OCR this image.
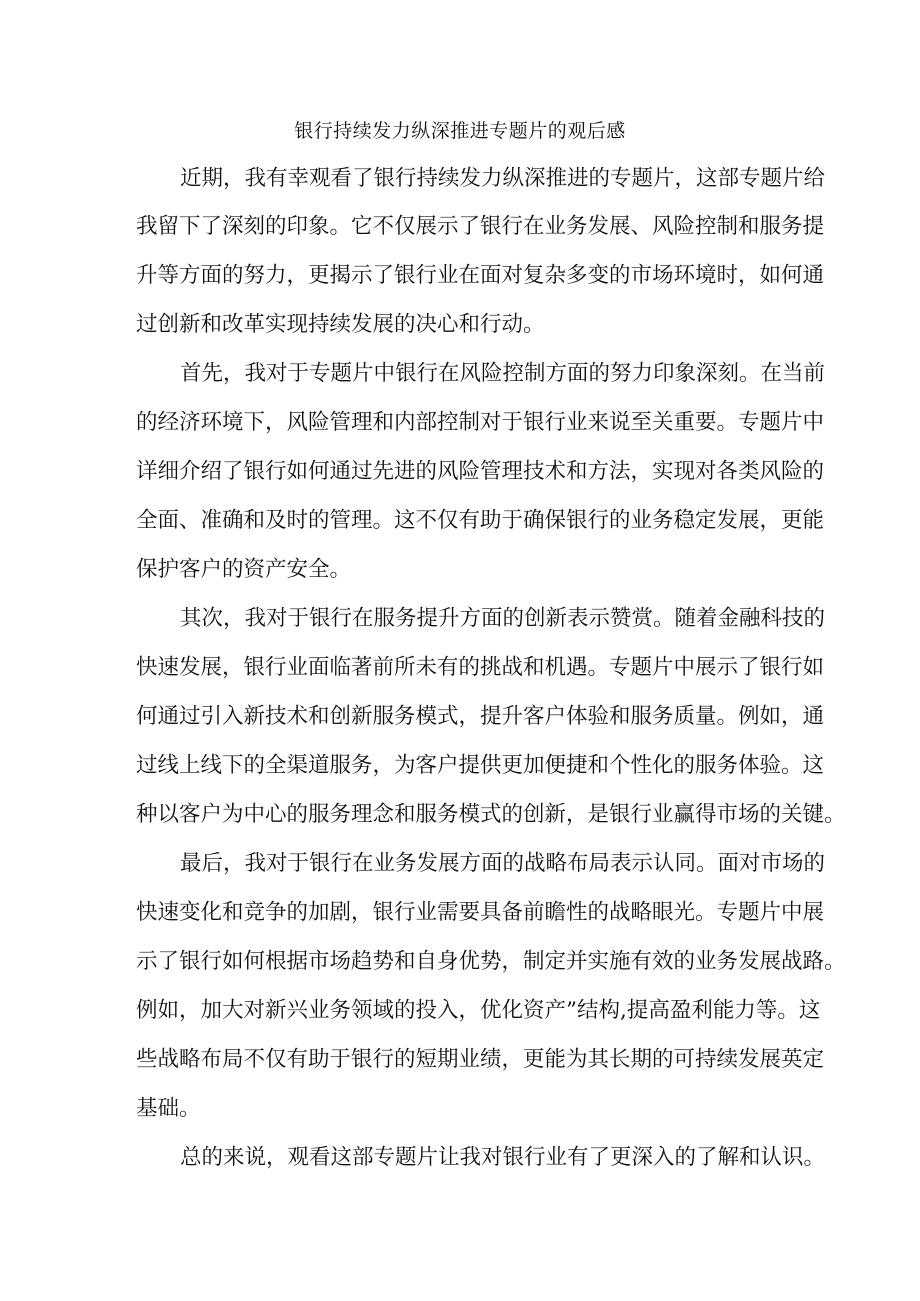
银行持续发力纵深推进专题片的观后感
近期，我有幸观看了银行持续发力纵深推进的专题片，这部专题片给
我留下了深刻的印象。它不仅展示了银行在业务发展、风险控制和服务提
升等方面的努力，更揭示了银行业在面对复杂多变的市场环境时，如何通
过创新和改革实现持续发展的决心和行动。
首先，我对于专题片中银行在风险控制方面的努力印象深刻。在当前
的经济环境下，风险管理和内部控制对于银行业来说至关重要。专题片中
详细介绍了银行如何通过先进的风险管理技术和方法，实现对各类风险的
全面、准确和及时的管理。这不仅有助于确保银行的业务稳定发展，更能
保护客户的资产安全。
其次，我对于银行在服务提升方面的创新表示赞赏。随着金融科技的
快速发展，银行业面临著前所未有的挑战和机遇。专题片中展示了银行如
何通过引入新技术和创新服务模式，提升客户体验和服务质量。例如，通
过线上线下的全渠道服务，为客户提供更加便捷和个性化的服务体验。这
种以客户为中心的服务理念和服务模式的创新，是银行业赢得市场的关键。
最后，我对于银行在业务发展方面的战略布局表示认同。面对市场的
快速变化和竞争的加剧，银行业需要具备前瞻性的战略眼光。专题片中展
示了银行如何根据市场趋势和自身优势，制定并实施有效的业务发展战路。
例如，加大对新兴业务领域的投入，优化资产”结构,提高盈利能力等。这
些战略布局不仅有助于银行的短期业绩，更能为其长期的可持续发展英定
基础。
总的来说，观看这部专题片让我对银行业有了更深入的了解和认识。
